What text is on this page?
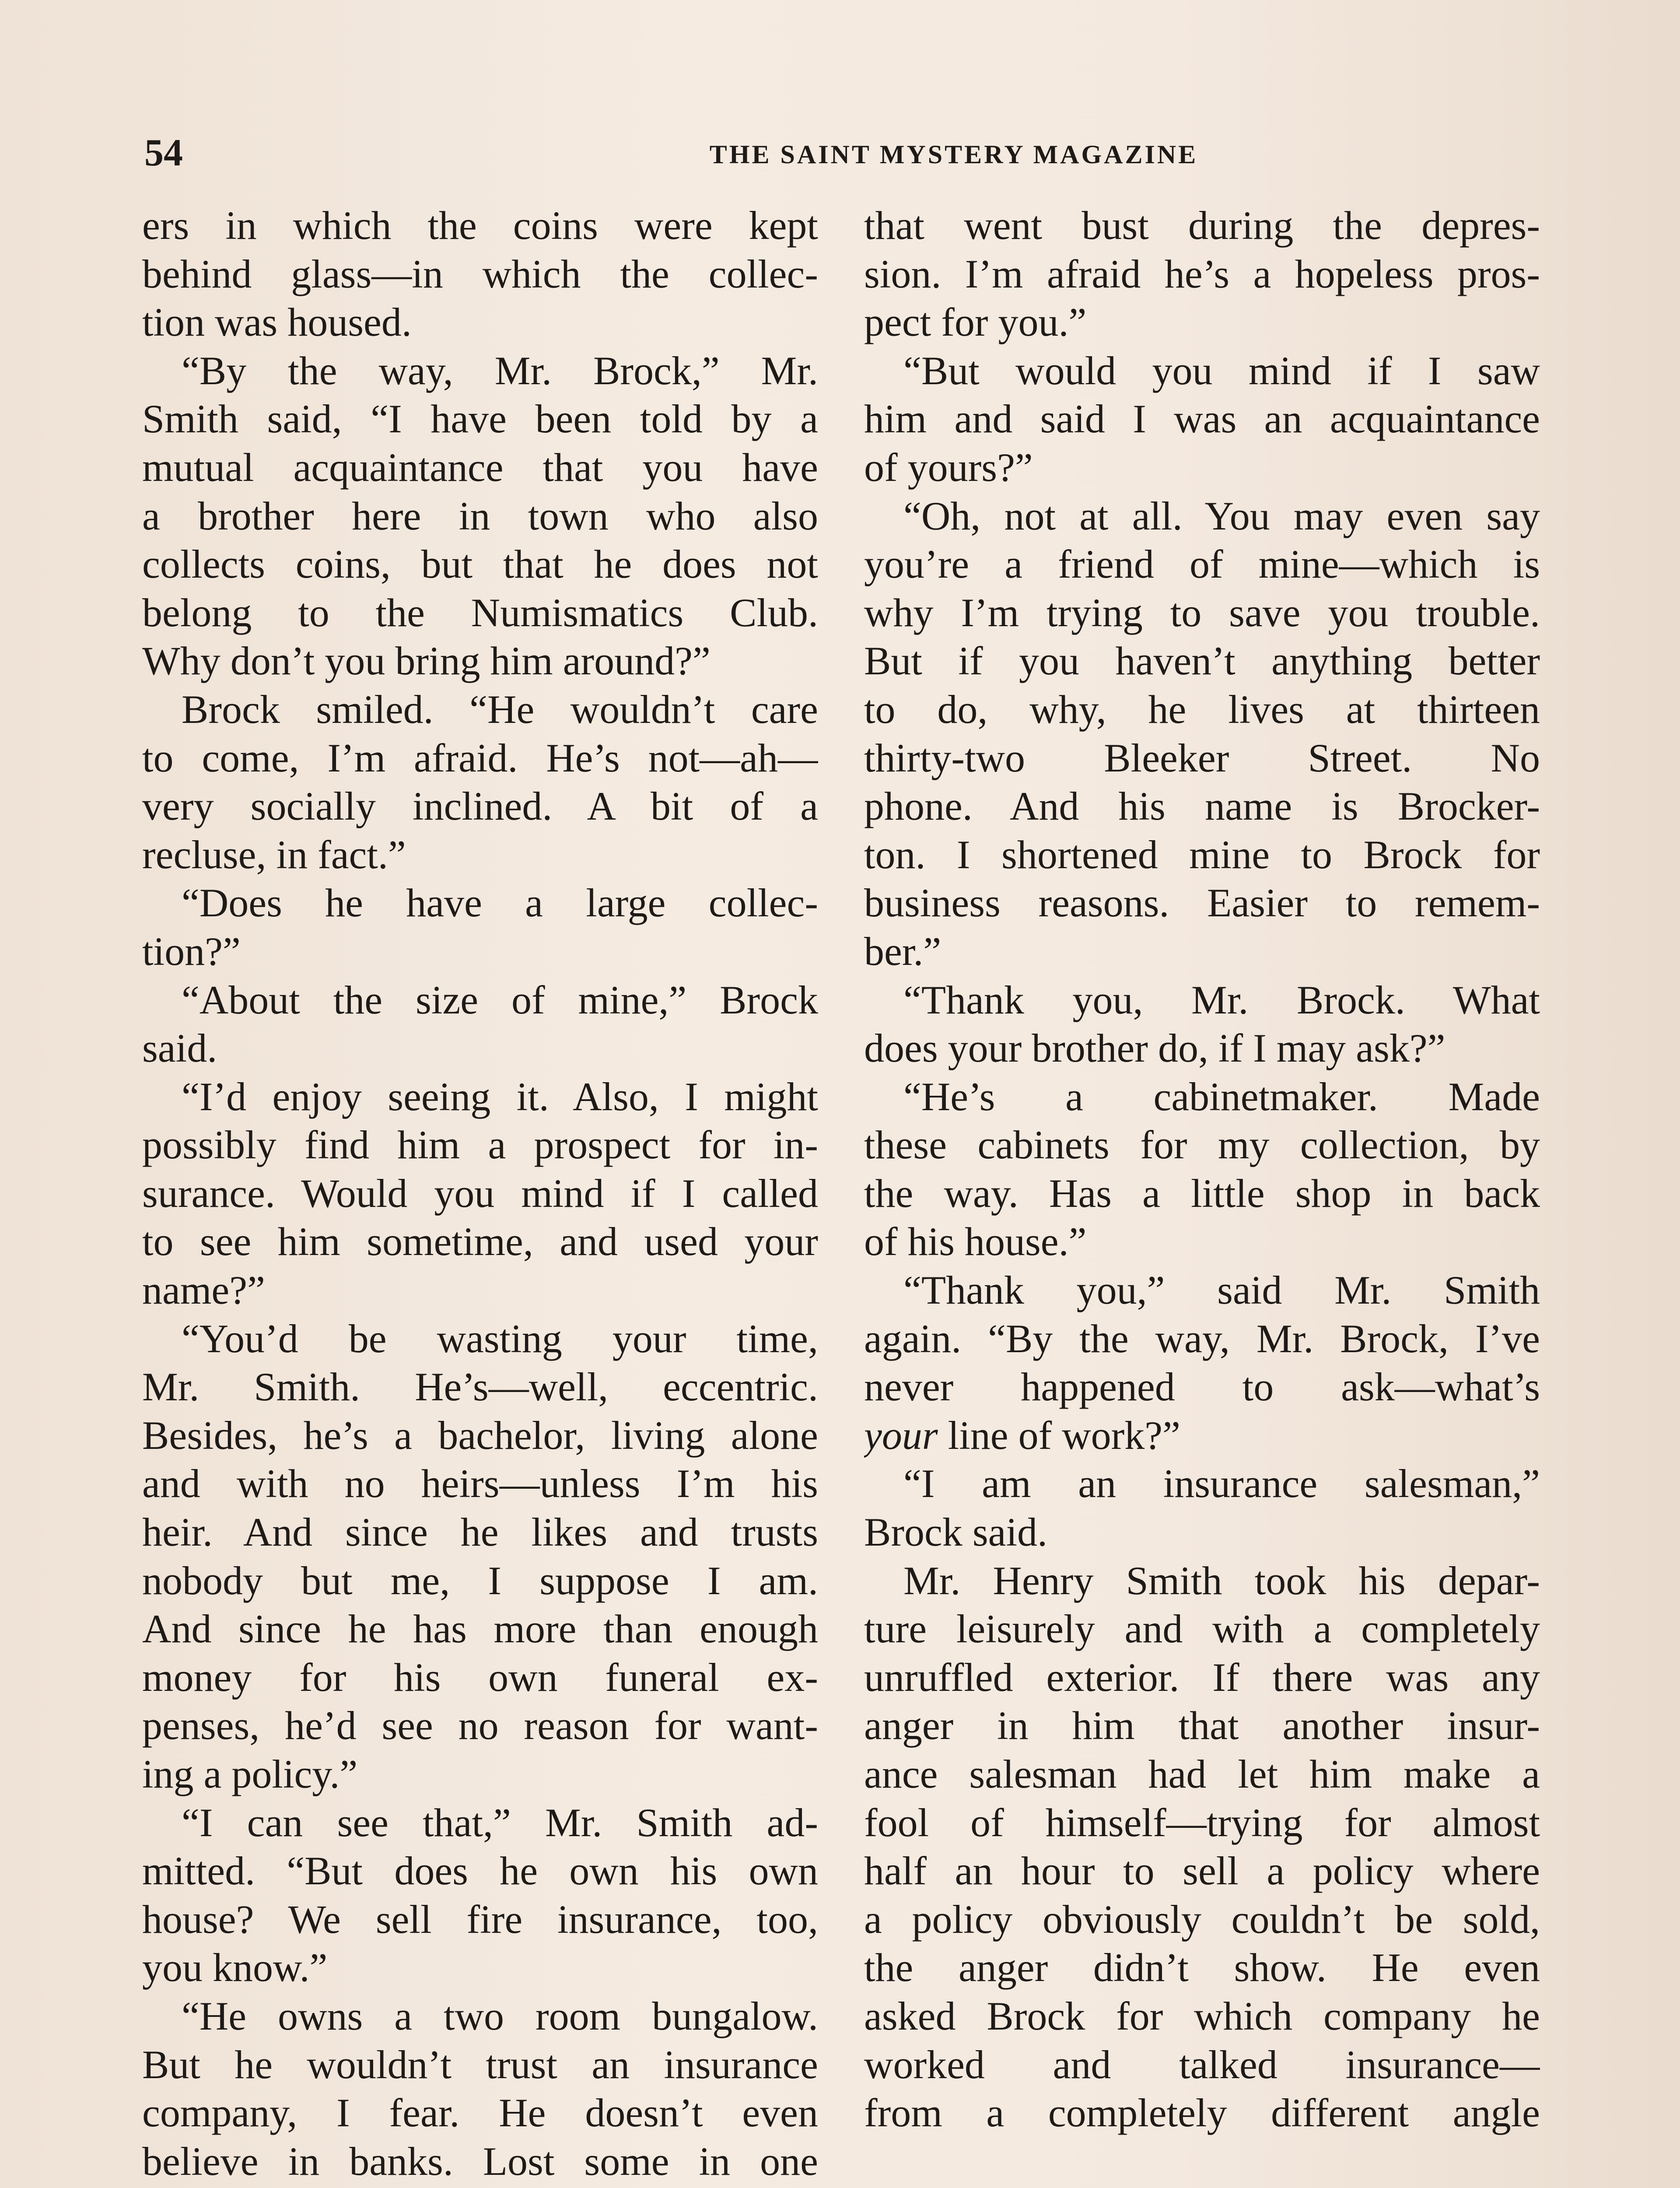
54	THE SAINT MYSTERY MAGAZINE
ers in which the coins were kept
behind glass—in which the collec-
tion was housed.
“By the way, Mr. Brock,” Mr.
Smith said, “I have been told by a
mutual acquaintance that you have
a brother here in town who also
collects coins, but that he does not
belong to the Numismatics Club.
Why don’t you bring him around?”
Brock smiled. “He wouldn’t care
to come, I’m afraid. He’s not—ah—
very socially inclined. A bit of a
recluse, in fact.”
“Does he have a large collec-
tion?”
“About the size of mine,” Brock
said.
“I’d enjoy seeing it. Also, I might
possibly find him a prospect for in-
surance. Would you mind if I called
to see him sometime, and used your
name?”
“You’d be wasting your time,
Mr. Smith. He’s—well, eccentric.
Besides, he’s a bachelor, living alone
and with no heirs—unless I’m his
heir. And since he likes and trusts
nobody but me, I suppose I am.
And since he has more than enough
money for his own funeral ex-
penses, he’d see no reason for want-
ing a policy.”
“I can see that,” Mr. Smith ad-
mitted. “But does he own his own
house? We sell fire insurance, too,
you know.”
“He owns a two room bungalow.
But he wouldn’t trust an insurance
company, I fear. He doesn’t even
believe in banks. Lost some in one
that went bust during the depres-
sion. I’m afraid he’s a hopeless pros-
pect for you.”
“But would you mind if I saw
him and said I was an acquaintance
of yours?”
“Oh, not at all. You may even say
you’re a friend of mine—which is
why I’m trying to save you trouble.
But if you haven’t anything better
to do, why, he lives at thirteen
thirty-two Bleeker Street. No
phone. And his name is Brocker-
ton. I shortened mine to Brock for
business reasons. Easier to remem-
ber.”
“Thank you, Mr. Brock. What
does your brother do, if I may ask?”
“He’s a cabinetmaker. Made
these cabinets for my collection, by
the way. Has a little shop in back
of his house.”
“Thank you,” said Mr. Smith
again. “By the way, Mr. Brock, I’ve
never happened to ask—what’s
your line of work?”
“I am an insurance salesman,”
Brock said.
Mr. Henry Smith took his depar-
ture leisurely and with a completely
unruffled exterior. If there was any
anger in him that another insur-
ance salesman had let him make a
fool of himself—trying for almost
half an hour to sell a policy where
a policy obviously couldn’t be sold,
the anger didn’t show. He even
asked Brock for which company he
worked and talked insurance—
from a completely different angle
